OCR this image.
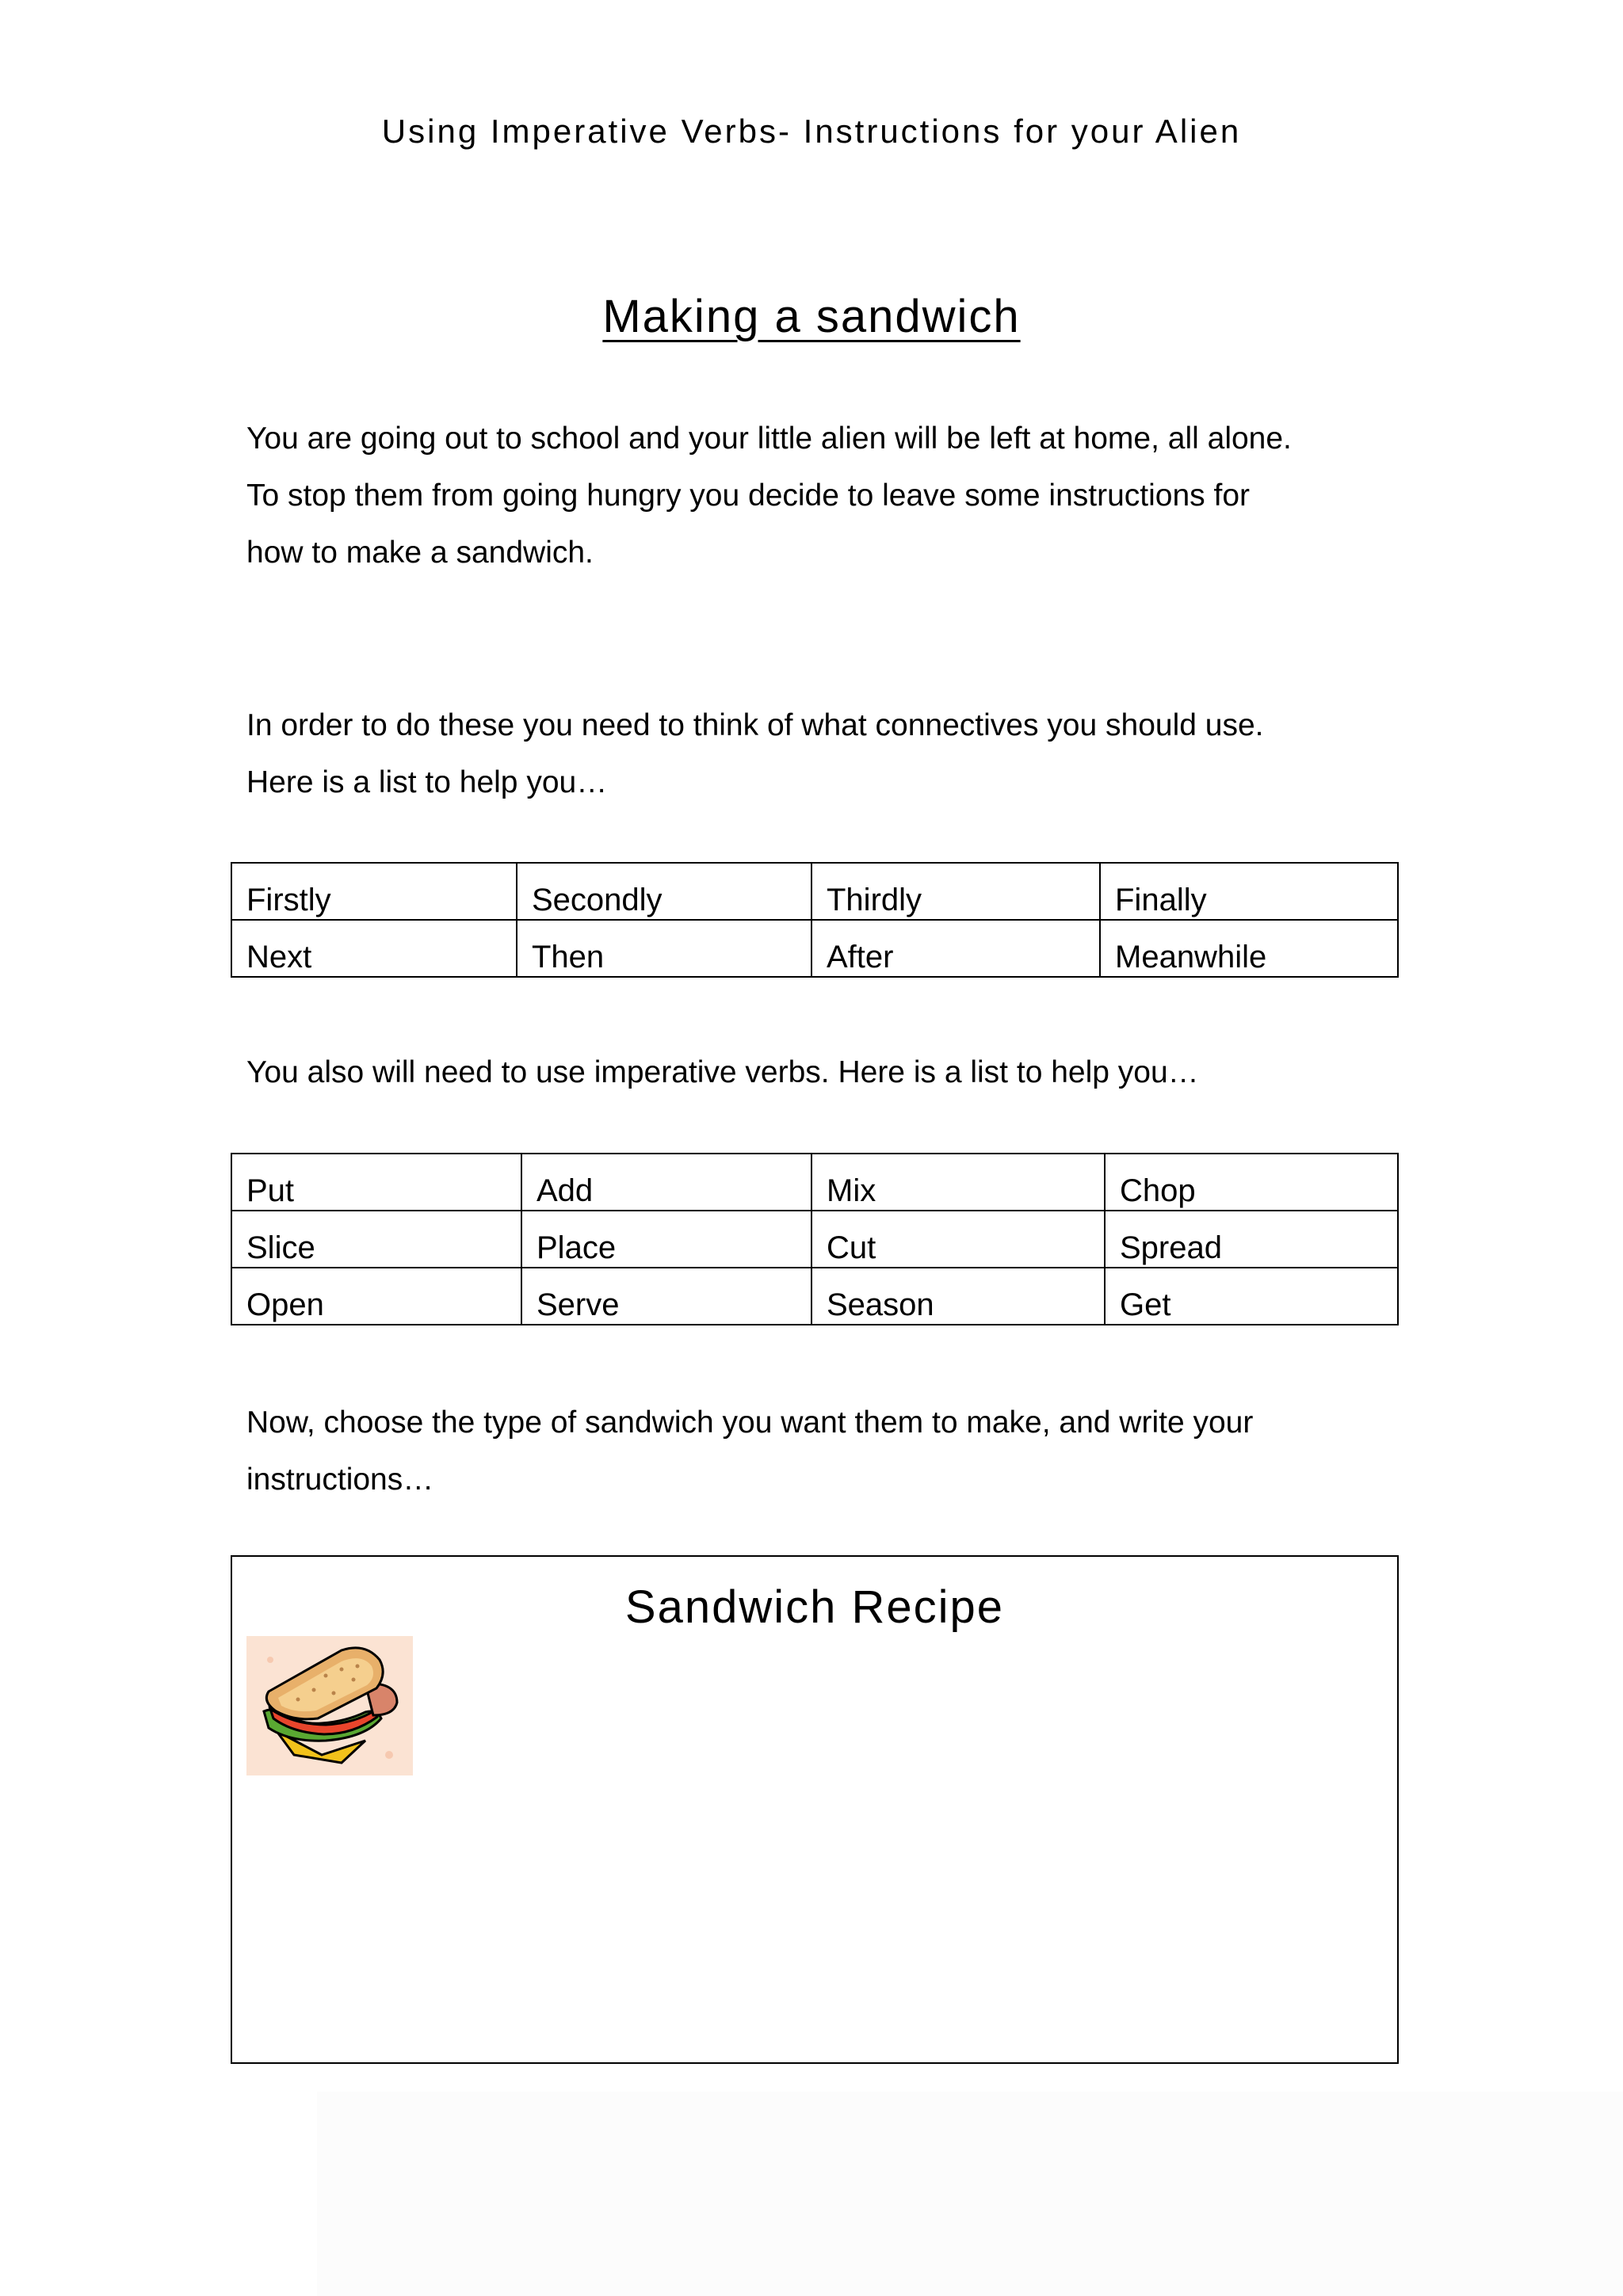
Using Imperative Verbs- Instructions for your Alien
Making a sandwich

You are going out to school and your little alien will be left at home, all alone.

To stop them from going hungry you decide to leave some instructions for

how to make a sandwich.

In order to do these you need to think of what connectives you should use.

Here is a list to help you…

Firstly	Secondly	Thirdly	Finally
Next	Then	After	Meanwhile

You also will need to use imperative verbs. Here is a list to help you…

Put	Add	Mix	Chop
Slice	Place	Cut	Spread
Open	Serve	Season	Get

Now, choose the type of sandwich you want them to make, and write your

instructions…

Sandwich Recipe
